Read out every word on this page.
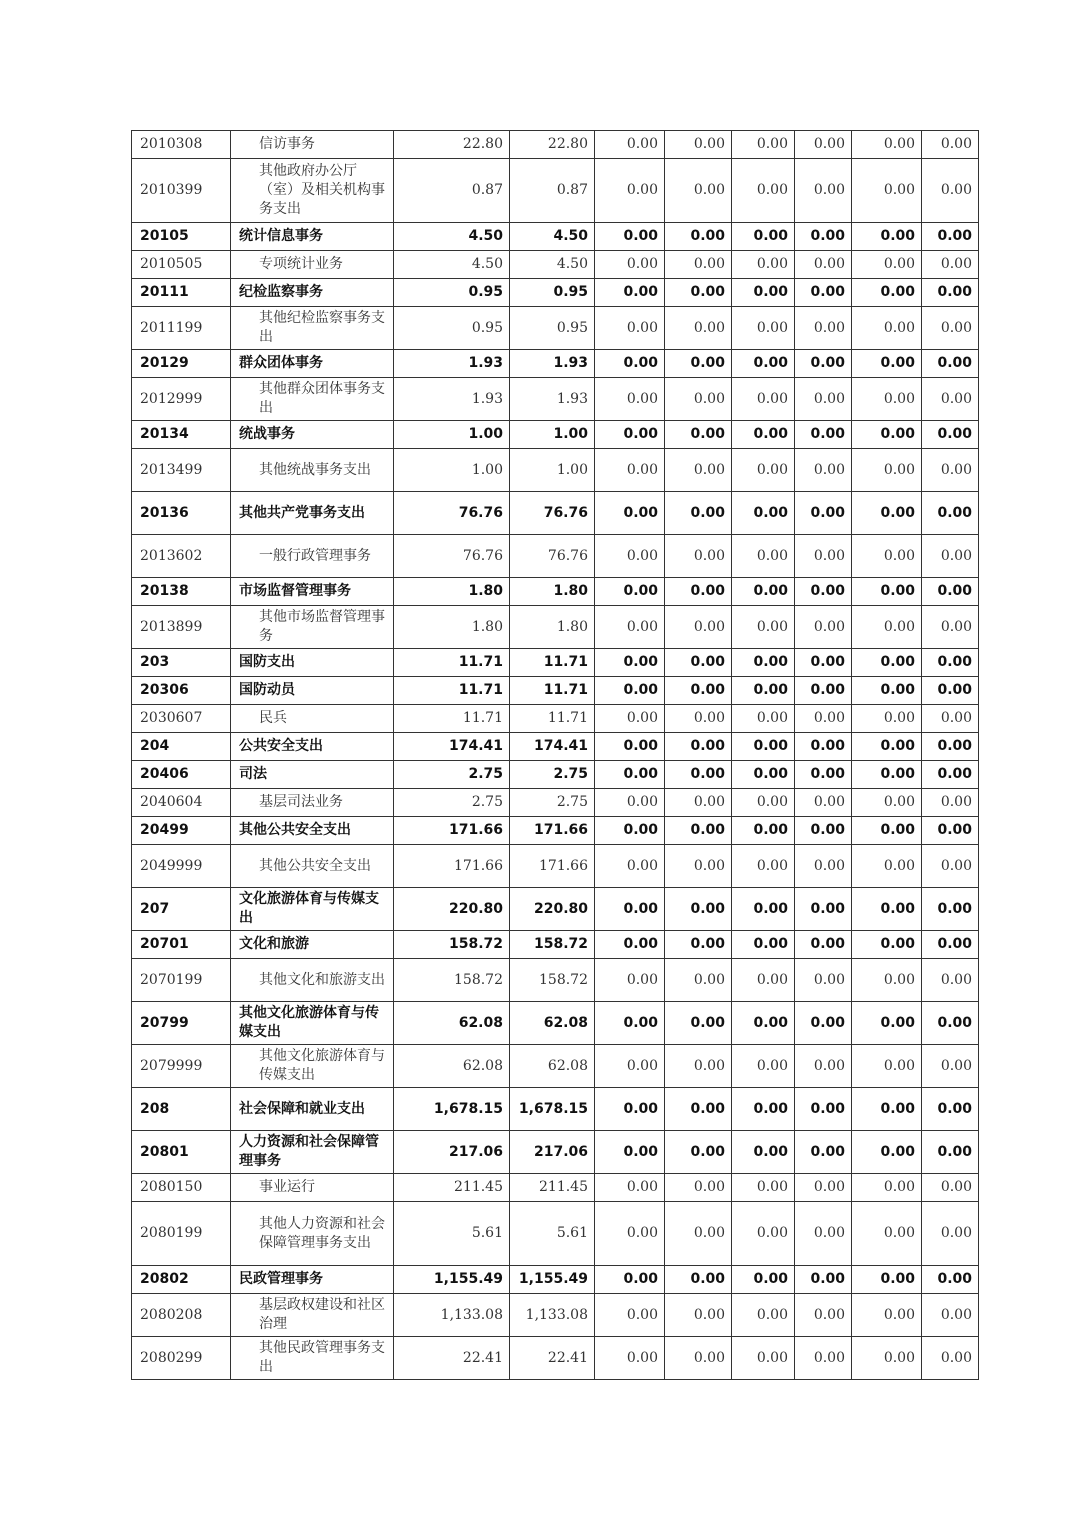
2010308	信访事务	22.80	22.80	0.00	0.00	0.00	0.00	0.00	0.00
2010399	其他政府办公厅（室）及相关机构事务支出	0.87	0.87	0.00	0.00	0.00	0.00	0.00	0.00
20105	统计信息事务	4.50	4.50	0.00	0.00	0.00	0.00	0.00	0.00
2010505	专项统计业务	4.50	4.50	0.00	0.00	0.00	0.00	0.00	0.00
20111	纪检监察事务	0.95	0.95	0.00	0.00	0.00	0.00	0.00	0.00
2011199	其他纪检监察事务支出	0.95	0.95	0.00	0.00	0.00	0.00	0.00	0.00
20129	群众团体事务	1.93	1.93	0.00	0.00	0.00	0.00	0.00	0.00
2012999	其他群众团体事务支出	1.93	1.93	0.00	0.00	0.00	0.00	0.00	0.00
20134	统战事务	1.00	1.00	0.00	0.00	0.00	0.00	0.00	0.00
2013499	其他统战事务支出	1.00	1.00	0.00	0.00	0.00	0.00	0.00	0.00
20136	其他共产党事务支出	76.76	76.76	0.00	0.00	0.00	0.00	0.00	0.00
2013602	一般行政管理事务	76.76	76.76	0.00	0.00	0.00	0.00	0.00	0.00
20138	市场监督管理事务	1.80	1.80	0.00	0.00	0.00	0.00	0.00	0.00
2013899	其他市场监督管理事务	1.80	1.80	0.00	0.00	0.00	0.00	0.00	0.00
203	国防支出	11.71	11.71	0.00	0.00	0.00	0.00	0.00	0.00
20306	国防动员	11.71	11.71	0.00	0.00	0.00	0.00	0.00	0.00
2030607	民兵	11.71	11.71	0.00	0.00	0.00	0.00	0.00	0.00
204	公共安全支出	174.41	174.41	0.00	0.00	0.00	0.00	0.00	0.00
20406	司法	2.75	2.75	0.00	0.00	0.00	0.00	0.00	0.00
2040604	基层司法业务	2.75	2.75	0.00	0.00	0.00	0.00	0.00	0.00
20499	其他公共安全支出	171.66	171.66	0.00	0.00	0.00	0.00	0.00	0.00
2049999	其他公共安全支出	171.66	171.66	0.00	0.00	0.00	0.00	0.00	0.00
207	文化旅游体育与传媒支出	220.80	220.80	0.00	0.00	0.00	0.00	0.00	0.00
20701	文化和旅游	158.72	158.72	0.00	0.00	0.00	0.00	0.00	0.00
2070199	其他文化和旅游支出	158.72	158.72	0.00	0.00	0.00	0.00	0.00	0.00
20799	其他文化旅游体育与传媒支出	62.08	62.08	0.00	0.00	0.00	0.00	0.00	0.00
2079999	其他文化旅游体育与传媒支出	62.08	62.08	0.00	0.00	0.00	0.00	0.00	0.00
208	社会保障和就业支出	1,678.15	1,678.15	0.00	0.00	0.00	0.00	0.00	0.00
20801	人力资源和社会保障管理事务	217.06	217.06	0.00	0.00	0.00	0.00	0.00	0.00
2080150	事业运行	211.45	211.45	0.00	0.00	0.00	0.00	0.00	0.00
2080199	其他人力资源和社会保障管理事务支出	5.61	5.61	0.00	0.00	0.00	0.00	0.00	0.00
20802	民政管理事务	1,155.49	1,155.49	0.00	0.00	0.00	0.00	0.00	0.00
2080208	基层政权建设和社区治理	1,133.08	1,133.08	0.00	0.00	0.00	0.00	0.00	0.00
2080299	其他民政管理事务支出	22.41	22.41	0.00	0.00	0.00	0.00	0.00	0.00
